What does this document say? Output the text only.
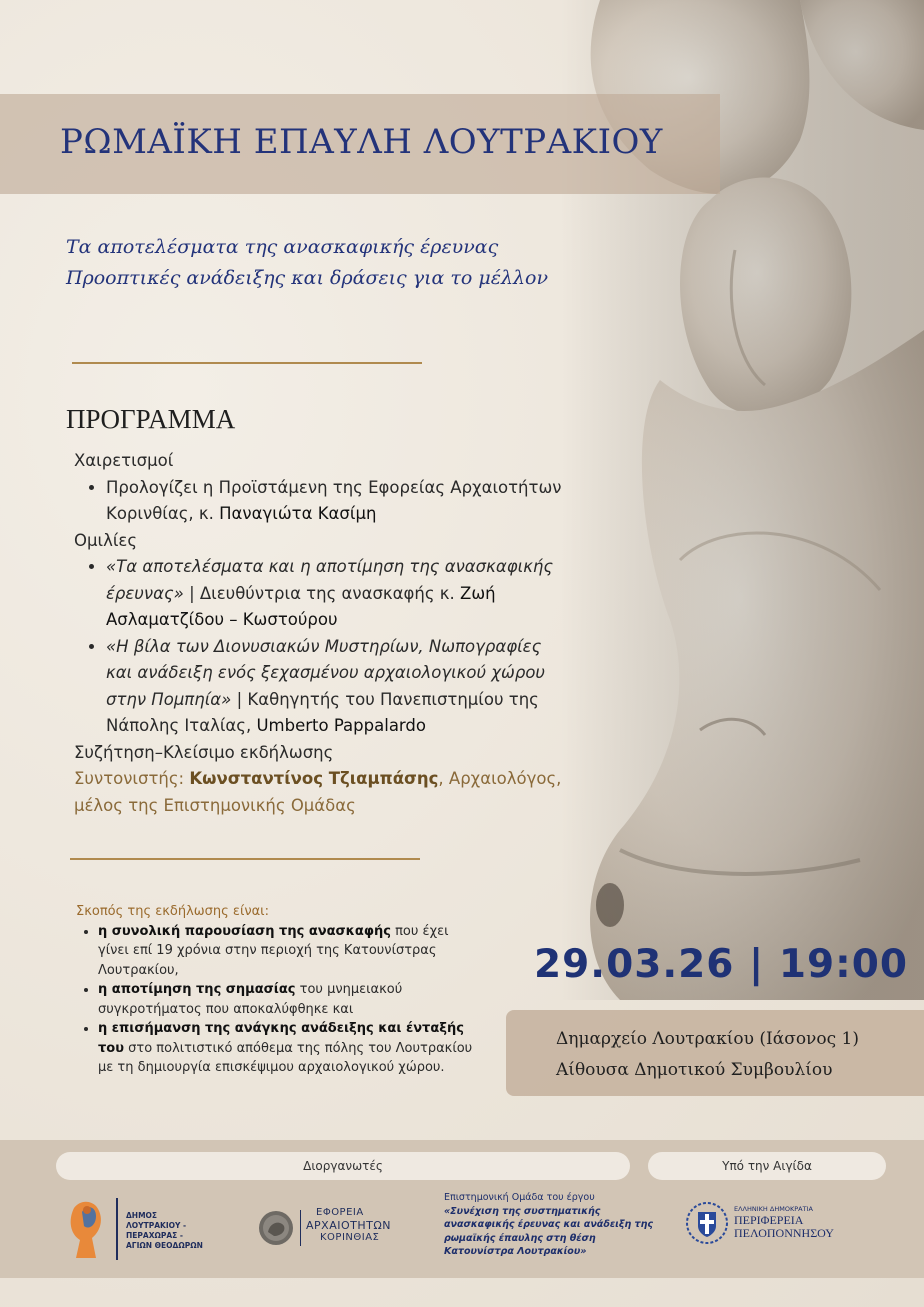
ΡΩΜΑΪΚΗ ΕΠΑΥΛΗ ΛΟΥΤΡΑΚΙΟΥ
Τα αποτελέσματα της ανασκαφικής έρευνας
Προοπτικές ανάδειξης και δράσεις για το μέλλον
ΠΡΟΓΡΑΜΜΑ

Χαιρετισμοί

• Προλογίζει η Προϊστάμενη της Εφορείας Αρχαιοτήτων Κορινθίας, κ. Παναγιώτα Κασίμη

Ομιλίες

• «Τα αποτελέσματα και η αποτίμηση της ανασκαφικής έρευνας» | Διευθύντρια της ανασκαφής κ. Ζωή Ασλαματζίδου – Κωστούρου
• «Η βίλα των Διονυσιακών Μυστηρίων, Νωπογραφίες και ανάδειξη ενός ξεχασμένου αρχαιολογικού χώρου στην Πομπηία» | Καθηγητής του Πανεπιστημίου της Νάπολης Ιταλίας, Umberto Pappalardo

Συζήτηση–Κλείσιμο εκδήλωσης

Συντονιστής: Κωνσταντίνος Τζιαμπάσης, Αρχαιολόγος, μέλος της Επιστημονικής Ομάδας

Σκοπός της εκδήλωσης είναι:
• η συνολική παρουσίαση της ανασκαφής που έχει γίνει επί 19 χρόνια στην περιοχή της Κατουνίστρας Λουτρακίου,
• η αποτίμηση της σημασίας του μνημειακού συγκροτήματος που αποκαλύφθηκε και
• η επισήμανση της ανάγκης ανάδειξης και ένταξής του στο πολιτιστικό απόθεμα της πόλης του Λουτρακίου με τη δημιουργία επισκέψιμου αρχαιολογικού χώρου.
29.03.26 | 19:00
Δημαρχείο Λουτρακίου (Ιάσονος 1)
Αίθουσα Δημοτικού Συμβουλίου
Διοργανωτές	Υπό την Αιγίδα
ΔΗΜΟΣ
ΛΟΥΤΡΑΚΙΟΥ -
ΠΕΡΑΧΩΡΑΣ -
ΑΓΙΩΝ ΘΕΟΔΩΡΩΝ
ΕΦΟΡΕΙΑ
ΑΡΧΑΙΟΤΗΤΩΝ
ΚΟΡΙΝΘΙΑΣ
Επιστημονική Ομάδα του έργου
«Συνέχιση της συστηματικής ανασκαφικής έρευνας και ανάδειξη της ρωμαϊκής έπαυλης στη θέση Κατουνίστρα Λουτρακίου»
ΕΛΛΗΝΙΚΗ ΔΗΜΟΚΡΑΤΙΑ
ΠΕΡΙΦΕΡΕΙΑ
ΠΕΛΟΠΟΝΝΗΣΟΥ
